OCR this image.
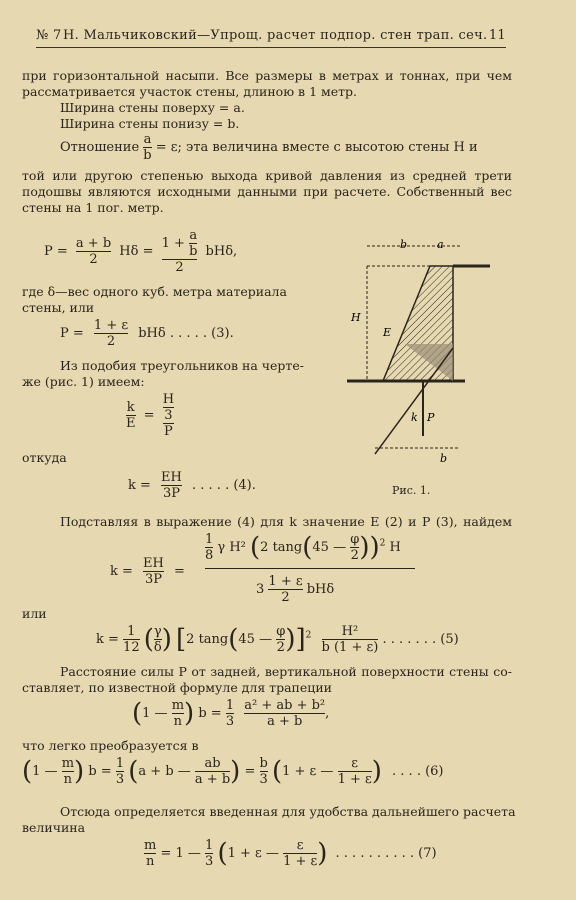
№ 7 Н. Мальчиковский—Упрощ. расчет подпор. стен трап. сеч. 11
при горизонтальной насыпи. Все размеры в метрах и тоннах, при чем
рассматривается участок стены, длиною в 1 метр.
Ширина стены поверху = a.
Ширина стены понизу = b.
Отношение $\frac{a}{b} = \varepsilon$; эта величина вместе с высотою стены H и
той или другою степенью выхода кривой давления из средней трети
подошвы являются исходными данными при расчете. Собственный вес
стены на 1 пог. метр.
$P = \frac{a + b}{2}$ $H\delta = \frac{1 + \frac{a}{b}}{2} bH\delta$,
где δ—вес одного куб. метра материала
стены, или
$P = \frac{1 + \varepsilon}{2}$ bHδ . . . . . (3).
Из подобия треугольников на черте-
же (рис. 1) имеем:
$\frac{k}{E} = \frac{\frac{H}{3}}{P}$
откуда
$k = \frac{EH}{3P}$ . . . . . (4).
b	a
H
E
P
k
b
Рис. 1.
Подставляя в выражение (4) для k значение E (2) и P (3), найдем
$k = \frac{EH}{3P}$ =
$\frac{1}{8}$ γ H² (2 tang(45 — $\frac{\varphi}{2} ))^2$ H
$3 \frac{1 + \varepsilon}{2}$ bHδ
или
$k = \frac{1}{12}$ ( $\frac{\gamma}{\delta}$ ) [2 tang(45 — $\frac{\varphi}{2} )]^2 \frac{\text{H²}}{b (1 + \varepsilon)}$ . . . . . . . (5)
Расстояние силы P от задней, вертикальной поверхности стены со-
ставляет, по известной формуле для трапеции
(1 — $\frac{m}{n}$ ) $b = \frac{1}{3}$
$\frac{\text{a² + ab + b²}}{a + b}$ ,
что легко преобразуется в
(1 — $\frac{m}{n}$ ) $b = \frac{1}{3} (a + b$ — $\frac{ab}{a + b}$ ) = $\frac{b}{3} (1 + \varepsilon$ — $\frac{\varepsilon}{1 + \varepsilon}$ ) . . . . (6)
Отсюда определяется введенная для удобства дальнейшего расчета
величина
$\frac{m}{n} = 1$ — $\frac{1}{3} (1 + \varepsilon$ — $\frac{\varepsilon}{1 + \varepsilon}$ ) . . . . . . . . . . (7)
